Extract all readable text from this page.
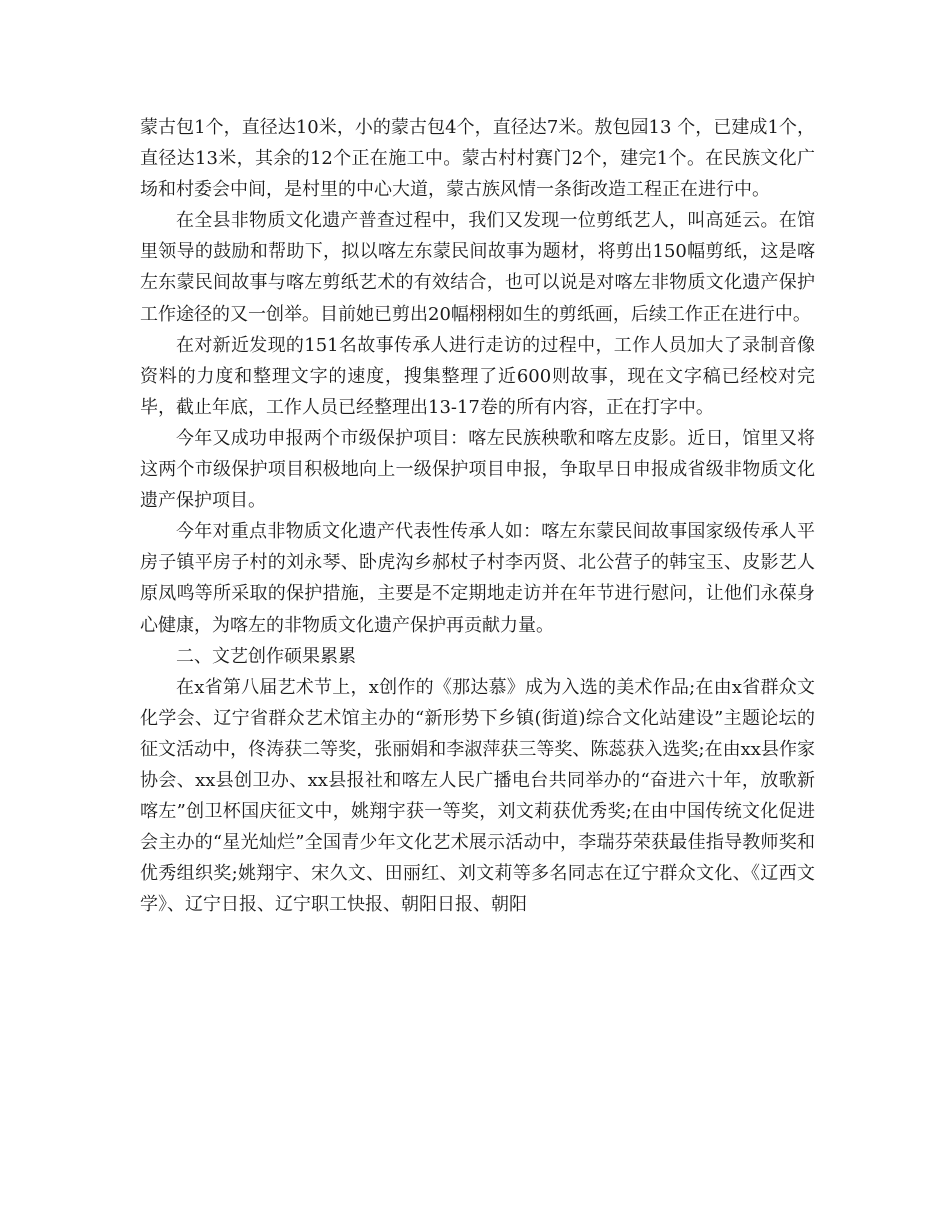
蒙古包1个，直径达10米，小的蒙古包4个，直径达7米。敖包园13 个，已建成1个，直径达13米，其余的12个正在施工中。蒙古村村赛门2个，建完1个。在民族文化广场和村委会中间，是村里的中心大道，蒙古族风情一条街改造工程正在进行中。

在全县非物质文化遗产普查过程中，我们又发现一位剪纸艺人，叫高延云。在馆里领导的鼓励和帮助下，拟以喀左东蒙民间故事为题材，将剪出150幅剪纸，这是喀左东蒙民间故事与喀左剪纸艺术的有效结合，也可以说是对喀左非物质文化遗产保护工作途径的又一创举。目前她已剪出20幅栩栩如生的剪纸画，后续工作正在进行中。

在对新近发现的151名故事传承人进行走访的过程中，工作人员加大了录制音像资料的力度和整理文字的速度，搜集整理了近600则故事，现在文字稿已经校对完毕，截止年底，工作人员已经整理出13-17卷的所有内容，正在打字中。

今年又成功申报两个市级保护项目：喀左民族秧歌和喀左皮影。近日，馆里又将这两个市级保护项目积极地向上一级保护项目申报，争取早日申报成省级非物质文化遗产保护项目。

今年对重点非物质文化遗产代表性传承人如：喀左东蒙民间故事国家级传承人平房子镇平房子村的刘永琴、卧虎沟乡郝杖子村李丙贤、北公营子的韩宝玉、皮影艺人原凤鸣等所采取的保护措施，主要是不定期地走访并在年节进行慰问，让他们永葆身心健康，为喀左的非物质文化遗产保护再贡献力量。

二、文艺创作硕果累累

在x省第八届艺术节上，x创作的《那达慕》成为入选的美术作品;在由x省群众文化学会、辽宁省群众艺术馆主办的“新形势下乡镇(街道)综合文化站建设”主题论坛的征文活动中，佟涛获二等奖，张丽娟和李淑萍获三等奖、陈蕊获入选奖;在由xx县作家协会、xx县创卫办、xx县报社和喀左人民广播电台共同举办的“奋进六十年，放歌新喀左”创卫杯国庆征文中，姚翔宇获一等奖，刘文莉获优秀奖;在由中国传统文化促进会主办的“星光灿烂”全国青少年文化艺术展示活动中，李瑞芬荣获最佳指导教师奖和优秀组织奖;姚翔宇、宋久文、田丽红、刘文莉等多名同志在辽宁群众文化、《辽西文学》、辽宁日报、辽宁职工快报、朝阳日报、朝阳
